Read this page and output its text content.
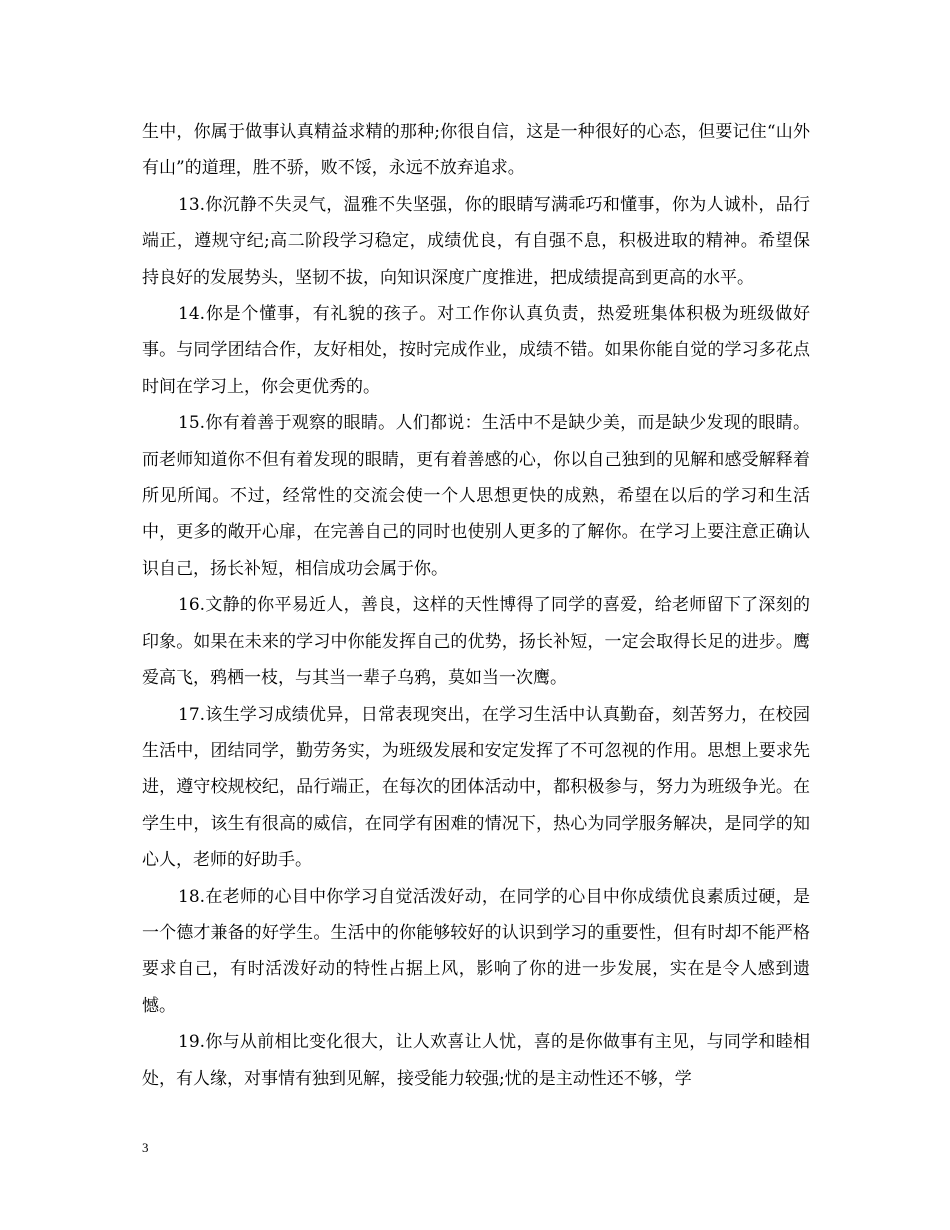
生中，你属于做事认真精益求精的那种;你很自信，这是一种很好的心态，但要记住“山外有山”的道理，胜不骄，败不馁，永远不放弃追求。

13.你沉静不失灵气，温雅不失坚强，你的眼睛写满乖巧和懂事，你为人诚朴，品行端正，遵规守纪;高二阶段学习稳定，成绩优良，有自强不息，积极进取的精神。希望保持良好的发展势头，坚韧不拔，向知识深度广度推进，把成绩提高到更高的水平。

14.你是个懂事，有礼貌的孩子。对工作你认真负责，热爱班集体积极为班级做好事。与同学团结合作，友好相处，按时完成作业，成绩不错。如果你能自觉的学习多花点时间在学习上，你会更优秀的。

15.你有着善于观察的眼睛。人们都说：生活中不是缺少美，而是缺少发现的眼睛。而老师知道你不但有着发现的眼睛，更有着善感的心，你以自己独到的见解和感受解释着所见所闻。不过，经常性的交流会使一个人思想更快的成熟，希望在以后的学习和生活中，更多的敞开心扉，在完善自己的同时也使别人更多的了解你。在学习上要注意正确认识自己，扬长补短，相信成功会属于你。

16.文静的你平易近人，善良，这样的天性博得了同学的喜爱，给老师留下了深刻的印象。如果在未来的学习中你能发挥自己的优势，扬长补短，一定会取得长足的进步。鹰爱高飞，鸦栖一枝，与其当一辈子乌鸦，莫如当一次鹰。

17.该生学习成绩优异，日常表现突出，在学习生活中认真勤奋，刻苦努力，在校园生活中，团结同学，勤劳务实，为班级发展和安定发挥了不可忽视的作用。思想上要求先进，遵守校规校纪，品行端正，在每次的团体活动中，都积极参与，努力为班级争光。在学生中，该生有很高的威信，在同学有困难的情况下，热心为同学服务解决，是同学的知心人，老师的好助手。

18.在老师的心目中你学习自觉活泼好动，在同学的心目中你成绩优良素质过硬，是一个德才兼备的好学生。生活中的你能够较好的认识到学习的重要性，但有时却不能严格要求自己，有时活泼好动的特性占据上风，影响了你的进一步发展，实在是令人感到遗憾。

19.你与从前相比变化很大，让人欢喜让人忧，喜的是你做事有主见，与同学和睦相处，有人缘，对事情有独到见解，接受能力较强;忧的是主动性还不够，学

3
